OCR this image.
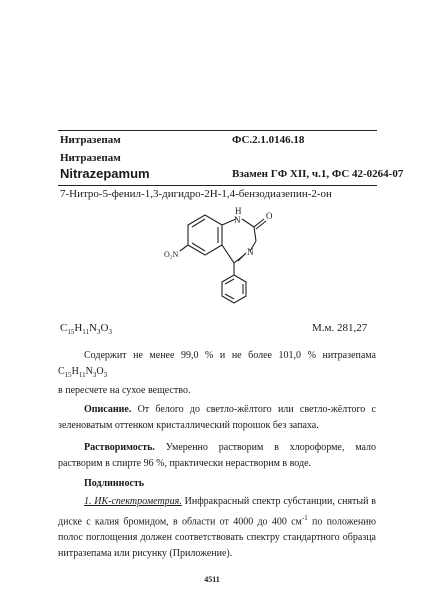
Нитразепам	ФС.2.1.0146.18
Нитразепам
Nitrazepamum	Взамен ГФ XII, ч.1, ФС 42-0264-07
7-Нитро-5-фенил-1,3-дигидро-2Н-1,4-бензодиазепин-2-он
H
N	O
N
O₂N
$C_{15}H_{11}N_3O_3$	М.м. 281,27
Содержит не менее 99,0 % и не более 101,0 % нитразепама $C_{15}H_{11}N_3O_3$
в пересчете на сухое вещество.
Описание. От белого до светло-жёлтого или светло-жёлтого с зеленоватым оттенком кристаллический порошок без запаха.
Растворимость. Умеренно растворим в хлороформе, мало растворим в спирте 96 %, практически нерастворим в воде.
Подлинность
1. ИК-спектрометрия. Инфракрасный спектр субстанции, снятый в диске с калия бромидом, в области от 4000 до 400 $см^{-1}$ по положению полос поглощения должен соответствовать спектру стандартного образца нитразепама или рисунку (Приложение).
4511
